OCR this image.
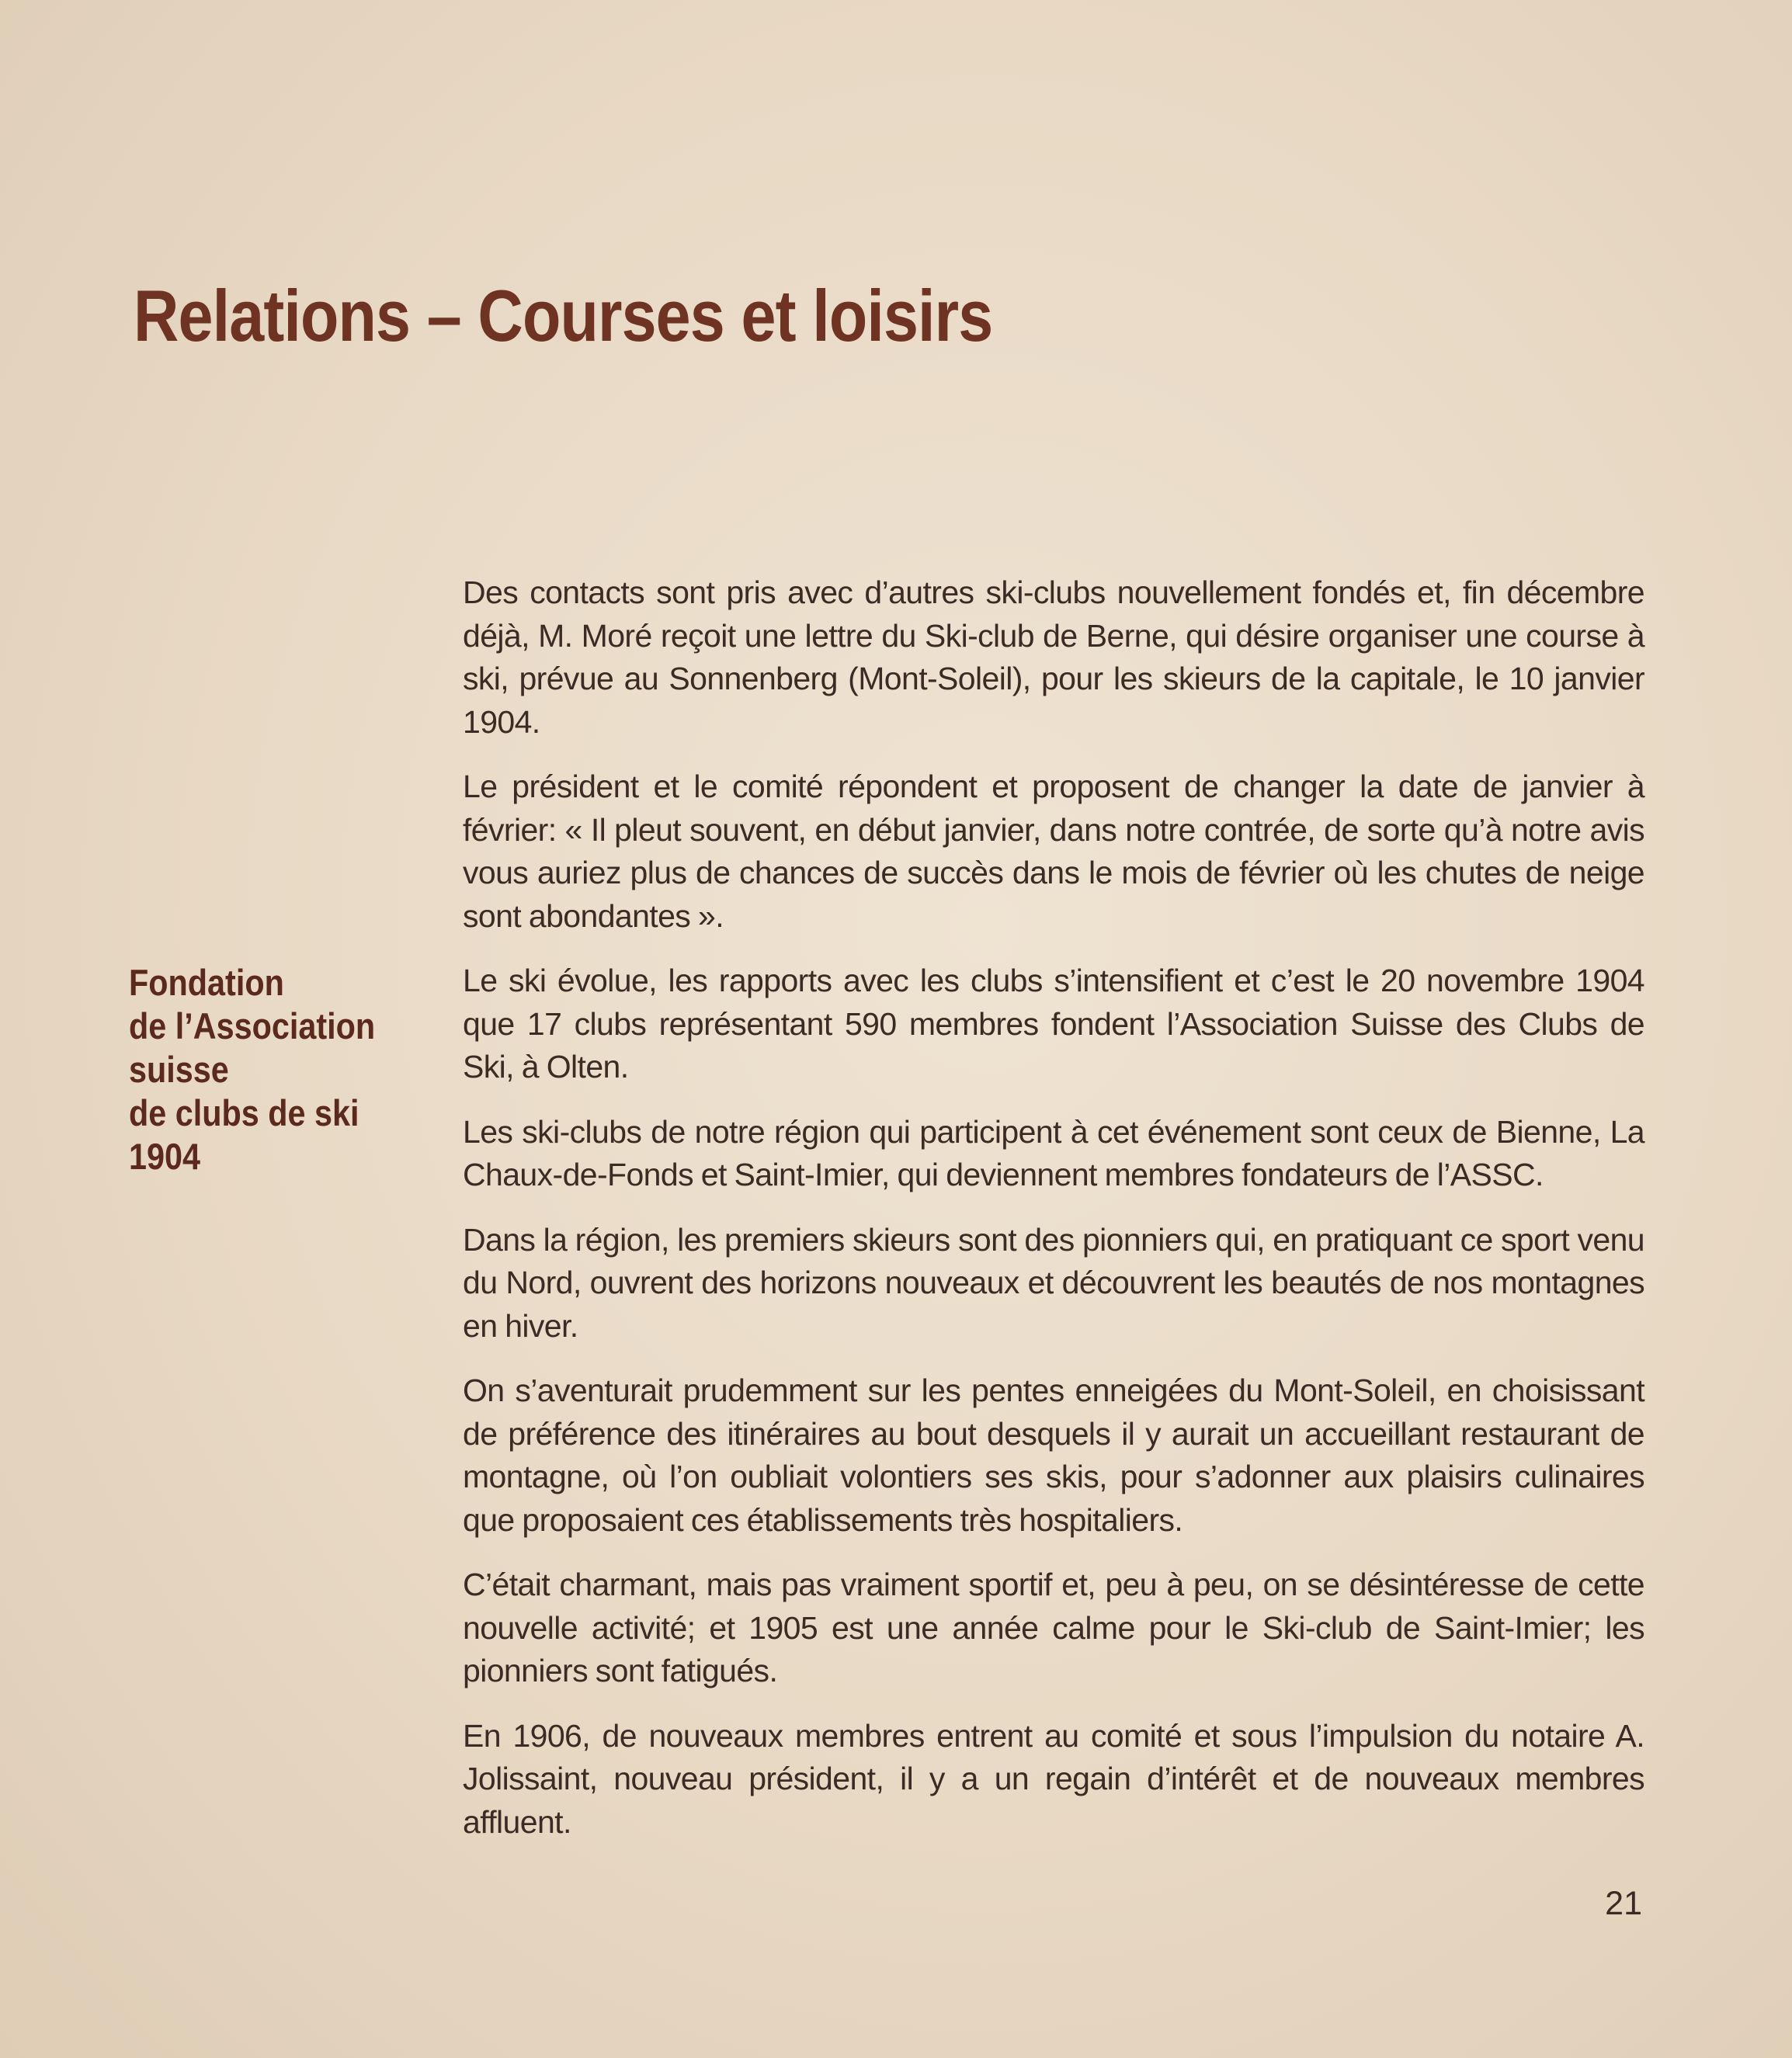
Relations – Courses et loisirs
Fondation
de l’Association
suisse
de clubs de ski
1904

Des contacts sont pris avec d’autres ski-clubs nouvellement fondés et, fin décembre déjà, M. Moré reçoit une lettre du Ski-club de Berne, qui désire organiser une course à ski, prévue au Sonnenberg (Mont-Soleil), pour les skieurs de la capitale, le 10 janvier 1904.

Le président et le comité répondent et proposent de changer la date de janvier à février: « Il pleut souvent, en début janvier, dans notre contrée, de sorte qu’à notre avis vous auriez plus de chances de succès dans le mois de février où les chutes de neige sont abondantes ».

Le ski évolue, les rapports avec les clubs s’intensifient et c’est le 20 novembre 1904 que 17 clubs représentant 590 membres fondent l’Association Suisse des Clubs de Ski, à Olten.

Les ski-clubs de notre région qui participent à cet événement sont ceux de Bienne, La Chaux-de-Fonds et Saint-Imier, qui deviennent membres fondateurs de l’ASSC.

Dans la région, les premiers skieurs sont des pionniers qui, en pratiquant ce sport venu du Nord, ouvrent des horizons nouveaux et découvrent les beautés de nos montagnes en hiver.

On s’aventurait prudemment sur les pentes enneigées du Mont-Soleil, en choisissant de préférence des itinéraires au bout desquels il y aurait un accueillant restaurant de montagne, où l’on oubliait volontiers ses skis, pour s’adonner aux plaisirs culinaires que proposaient ces établissements très hospitaliers.

C’était charmant, mais pas vraiment sportif et, peu à peu, on se désintéresse de cette nouvelle activité; et 1905 est une année calme pour le Ski-club de Saint-Imier; les pionniers sont fatigués.

En 1906, de nouveaux membres entrent au comité et sous l’impulsion du notaire A. Jolissaint, nouveau président, il y a un regain d’intérêt et de nouveaux membres affluent.

21
